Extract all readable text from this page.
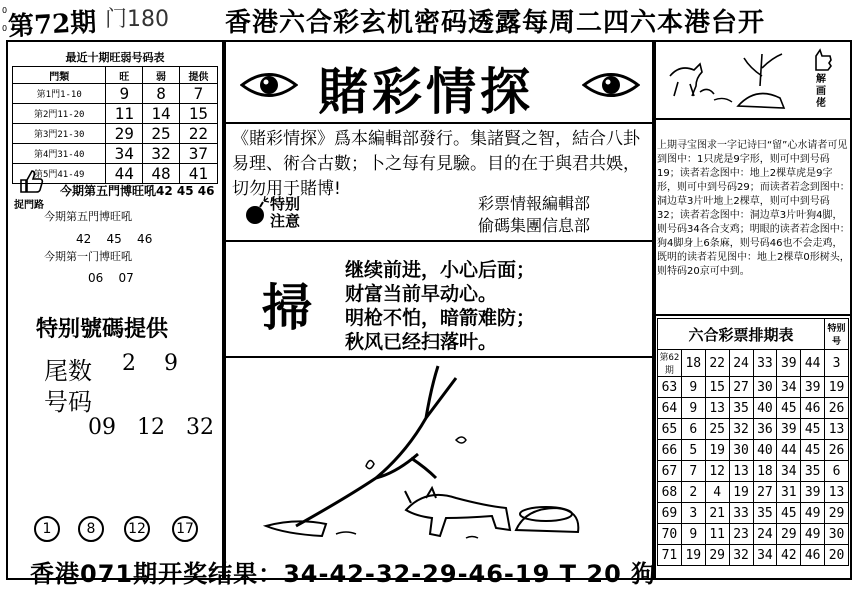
0
0 第72期 门180 香港六合彩玄机密码透露每周二四六本港台开
最近十期旺弱号码表
門類	旺	弱	提供
第1門1-10	9	8	7
第2門11-20	11	14	15
第3門21-30	29	25	22
第4門31-40	34	32	37
第5門41-49	44	48	41
捉門路
今期第五門博旺吼42 45 46
今期第五門博旺吼
42    45    46
今期第一门博旺吼
06    07
特别號碼提供
尾数 2    9
号码
09   12   32
1	8	12 17
賭彩情探
《賭彩情探》爲本編輯部發行。集諸賢之智，結合八卦易理、術合古數；卜之每有見驗。目的在于與君共娛，切勿用于賭博!
特别
注意
彩票情報編輯部
偷碼集團信息部
掃
继续前进，小心后面；
财富当前早动心。
明枪不怕，暗箭难防；
秋风已经扫落叶。
解画佬
上期寻宝图求一字记诗曰“留”心水请者可见到图中：1只虎是9字形，则可中到号码19；读者若念图中：地上2棵草虎是9字形，则可中到号码29；而读者若念到图中：洞边草3片叶地上2棵草，则可中到号码32；读者若念图中：洞边草3片叶狗4脚，则号码34各合支鸡；明眼的读者若念图中：狗4脚身上6条麻，则号码46也不会走鸡，既明的读者若见图中：地上2棵草0形树头，则特码20京可中到。
六合彩票排期表							特别号
第62期	18	22	24	33	39	44	3
63	9	15	27	30	34	39	19
64	9	13	35	40	45	46	26
65	6	25	32	36	39	45	13
66	5	19	30	40	44	45	26
67	7	12	13	18	34	35	6
68	2	4	19	27	31	39	13
69	3	21	33	35	45	49	29
70	9	11	23	24	29	49	30
71	19	29	32	34	42	46	20
香港071期开奖结果：34-42-32-29-46-19 T 20 狗
